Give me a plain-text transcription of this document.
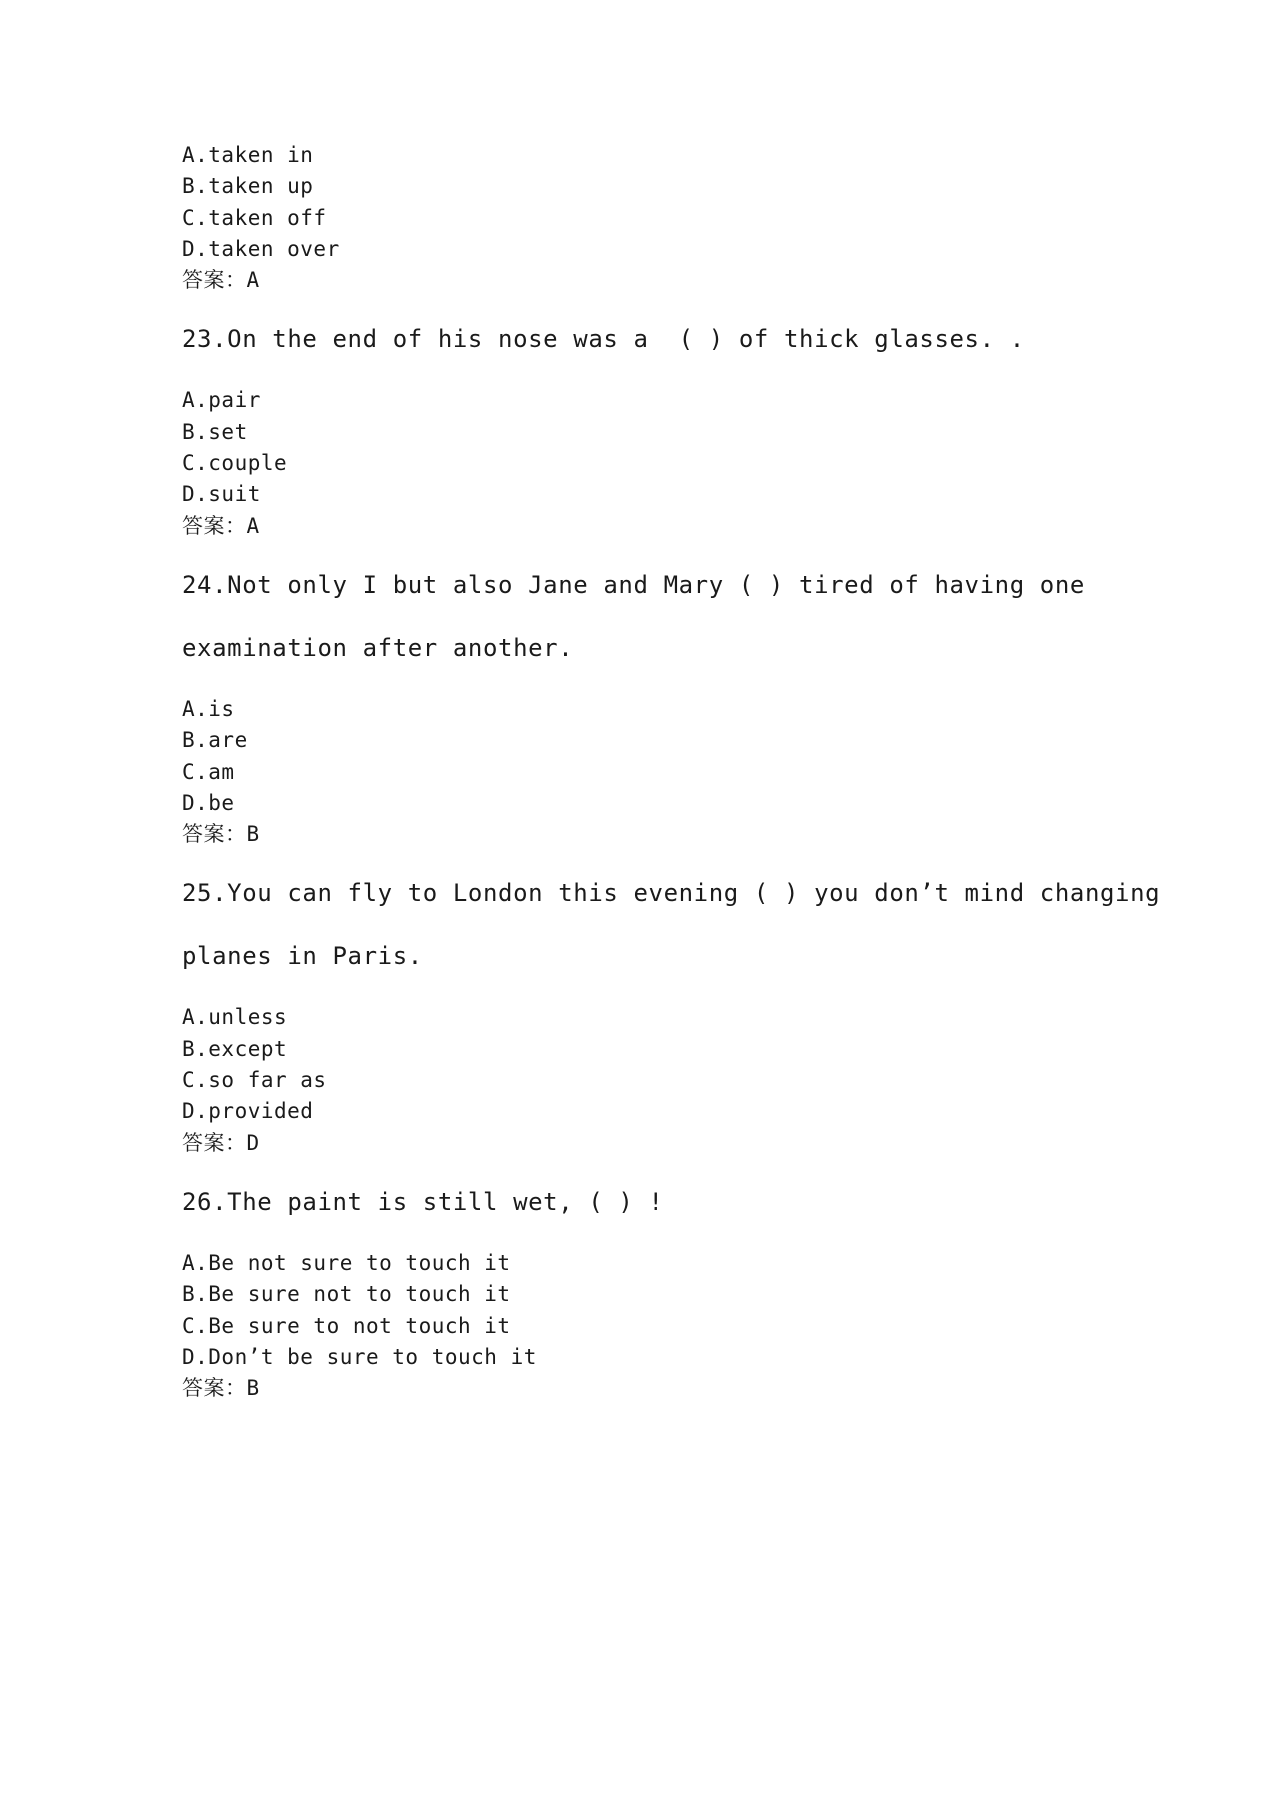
A.taken in
B.taken up
C.taken off
D.taken over
答案：A
23.On the end of his nose was a  ( ) of thick glasses. .
A.pair
B.set
C.couple
D.suit
答案：A
24.Not only I but also Jane and Mary ( ) tired of having one
examination after another.
A.is
B.are
C.am
D.be
答案：B
25.You can fly to London this evening ( ) you don’t mind changing
planes in Paris.
A.unless
B.except
C.so far as
D.provided
答案：D
26.The paint is still wet, ( ) !
A.Be not sure to touch it
B.Be sure not to touch it
C.Be sure to not touch it
D.Don’t be sure to touch it
答案：B
